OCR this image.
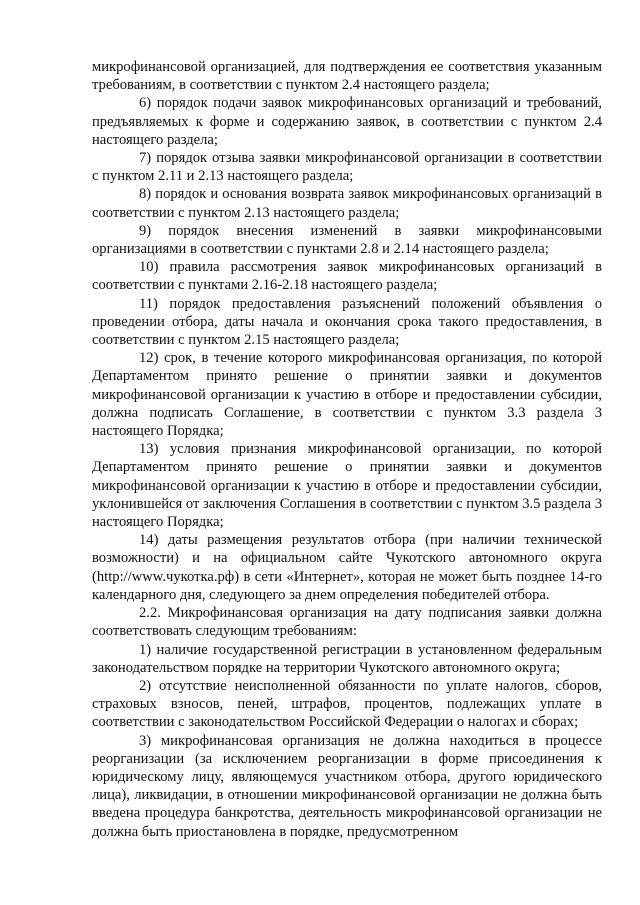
микрофинансовой организацией, для подтверждения ее соответствия указанным требованиям, в соответствии с пунктом 2.4 настоящего раздела;

6) порядок подачи заявок микрофинансовых организаций и требований, предъявляемых к форме и содержанию заявок, в соответствии с пунктом 2.4 настоящего раздела;

7) порядок отзыва заявки микрофинансовой организации в соответствии с пунктом 2.11 и 2.13 настоящего раздела;

8) порядок и основания возврата заявок микрофинансовых организаций в соответствии с пунктом 2.13 настоящего раздела;

9) порядок внесения изменений в заявки микрофинансовыми организациями в соответствии с пунктами 2.8 и 2.14 настоящего раздела;

10) правила рассмотрения заявок микрофинансовых организаций в соответствии с пунктами 2.16-2.18 настоящего раздела;

11) порядок предоставления разъяснений положений объявления о проведении отбора, даты начала и окончания срока такого предоставления, в соответствии с пунктом 2.15 настоящего раздела;

12) срок, в течение которого микрофинансовая организация, по которой Департаментом принято решение о принятии заявки и документов микрофинансовой организации к участию в отборе и предоставлении субсидии, должна подписать Соглашение, в соответствии с пунктом 3.3 раздела 3 настоящего Порядка;

13) условия признания микрофинансовой организации, по которой Департаментом принято решение о принятии заявки и документов микрофинансовой организации к участию в отборе и предоставлении субсидии, уклонившейся от заключения Соглашения в соответствии с пунктом 3.5 раздела 3 настоящего Порядка;

14) даты размещения результатов отбора (при наличии технической возможности) и на официальном сайте Чукотского автономного округа (http://www.чукотка.рф) в сети «Интернет», которая не может быть позднее 14-го календарного дня, следующего за днем определения победителей отбора.

2.2. Микрофинансовая организация на дату подписания заявки должна соответствовать следующим требованиям:

1) наличие государственной регистрации в установленном федеральным законодательством порядке на территории Чукотского автономного округа;

2) отсутствие неисполненной обязанности по уплате налогов, сборов, страховых взносов, пеней, штрафов, процентов, подлежащих уплате в соответствии с законодательством Российской Федерации о налогах и сборах;

3) микрофинансовая организация не должна находиться в процессе реорганизации (за исключением реорганизации в форме присоединения к юридическому лицу, являющемуся участником отбора, другого юридического лица), ликвидации, в отношении микрофинансовой организации не должна быть введена процедура банкротства, деятельность микрофинансовой организации не должна быть приостановлена в порядке, предусмотренном
